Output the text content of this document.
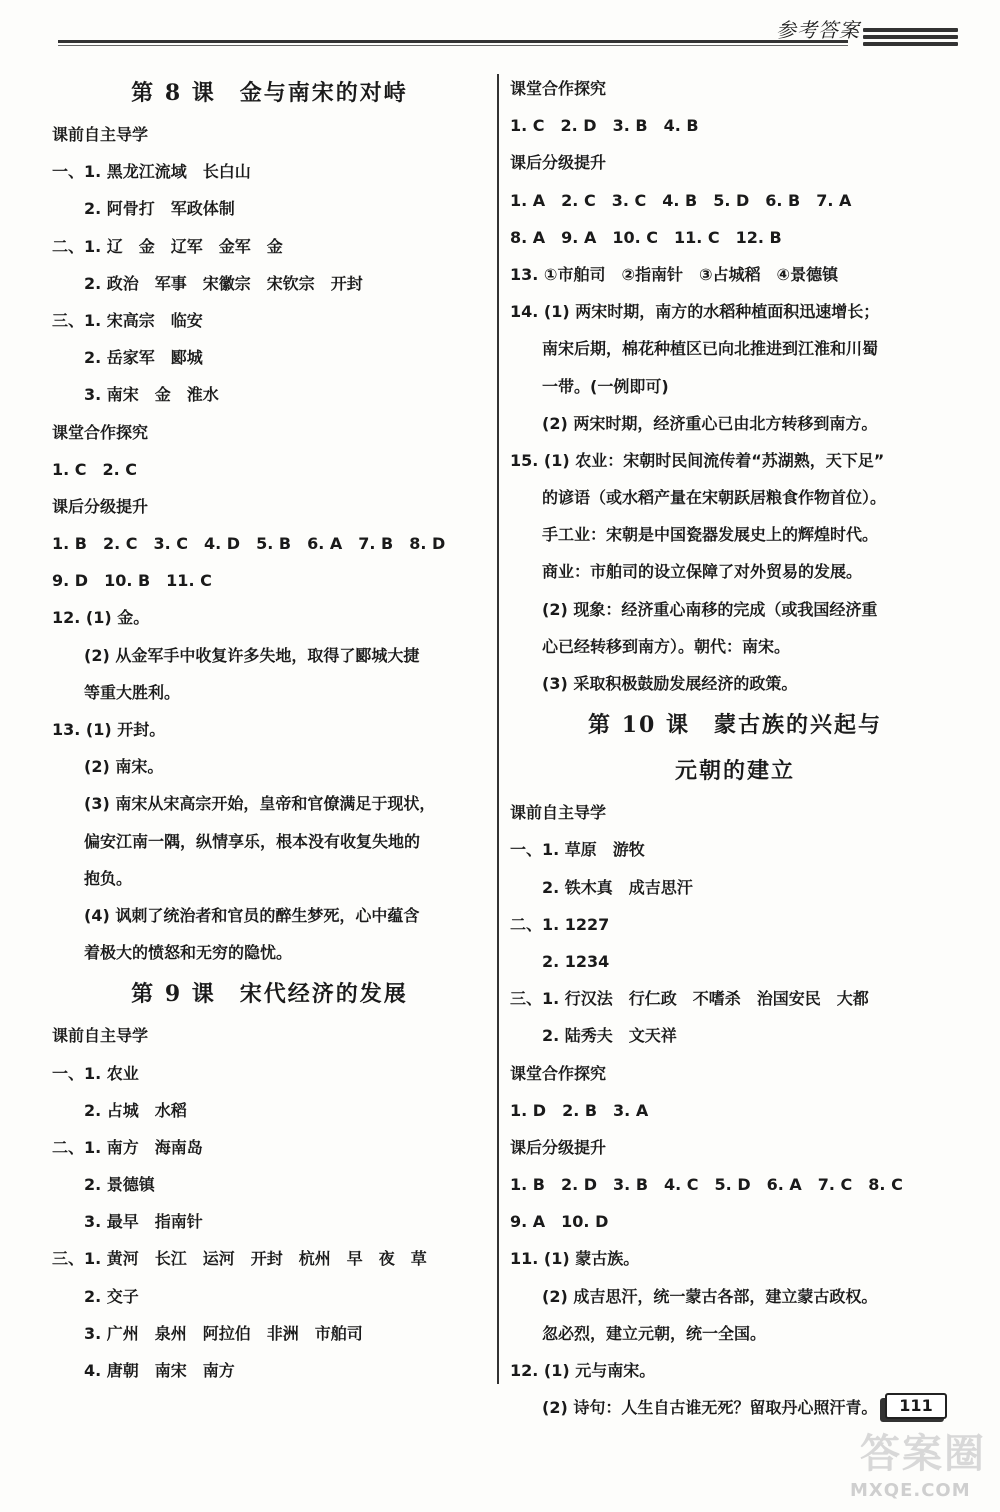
参考答案
第 8 课　金与南宋的对峙
课前自主导学
一、1. 黑龙江流域　长白山
2. 阿骨打　军政体制
二、1. 辽　金　辽军　金军　金
2. 政治　军事　宋徽宗　宋钦宗　开封
三、1. 宋高宗　临安
2. 岳家军　郾城
3. 南宋　金　淮水
课堂合作探究
1. C　2. C
课后分级提升
1. B　2. C　3. C　4. D　5. B　6. A　7. B　8. D
9. D　10. B　11. C
12. (1) 金。
(2) 从金军手中收复许多失地，取得了郾城大捷
等重大胜利。
13. (1) 开封。
(2) 南宋。
(3) 南宋从宋高宗开始，皇帝和官僚满足于现状，
偏安江南一隅，纵情享乐，根本没有收复失地的
抱负。
(4) 讽刺了统治者和官员的醉生梦死，心中蕴含
着极大的愤怒和无穷的隐忧。
第 9 课　宋代经济的发展
课前自主导学
一、1. 农业
2. 占城　水稻
二、1. 南方　海南岛
2. 景德镇
3. 最早　指南针
三、1. 黄河　长江　运河　开封　杭州　早　夜　草
2. 交子
3. 广州　泉州　阿拉伯　非洲　市舶司
4. 唐朝　南宋　南方
课堂合作探究
1. C　2. D　3. B　4. B
课后分级提升
1. A　2. C　3. C　4. B　5. D　6. B　7. A
8. A　9. A　10. C　11. C　12. B
13. ①市舶司　②指南针　③占城稻　④景德镇
14. (1) 两宋时期，南方的水稻种植面积迅速增长；
南宋后期，棉花种植区已向北推进到江淮和川蜀
一带。(一例即可)
(2) 两宋时期，经济重心已由北方转移到南方。
15. (1) 农业：宋朝时民间流传着“苏湖熟，天下足”
的谚语（或水稻产量在宋朝跃居粮食作物首位）。
手工业：宋朝是中国瓷器发展史上的辉煌时代。
商业：市舶司的设立保障了对外贸易的发展。
(2) 现象：经济重心南移的完成（或我国经济重
心已经转移到南方）。朝代：南宋。
(3) 采取积极鼓励发展经济的政策。
第 10 课　蒙古族的兴起与
元朝的建立
课前自主导学
一、1. 草原　游牧
2. 铁木真　成吉思汗
二、1. 1227
2. 1234
三、1. 行汉法　行仁政　不嗜杀　治国安民　大都
2. 陆秀夫　文天祥
课堂合作探究
1. D　2. B　3. A
课后分级提升
1. B　2. D　3. B　4. C　5. D　6. A　7. C　8. C
9. A　10. D
11. (1) 蒙古族。
(2) 成吉思汗，统一蒙古各部，建立蒙古政权。
忽必烈，建立元朝，统一全国。
12. (1) 元与南宋。
(2) 诗句：人生自古谁无死？留取丹心照汗青。	111
答案圈
MXQE.COM
